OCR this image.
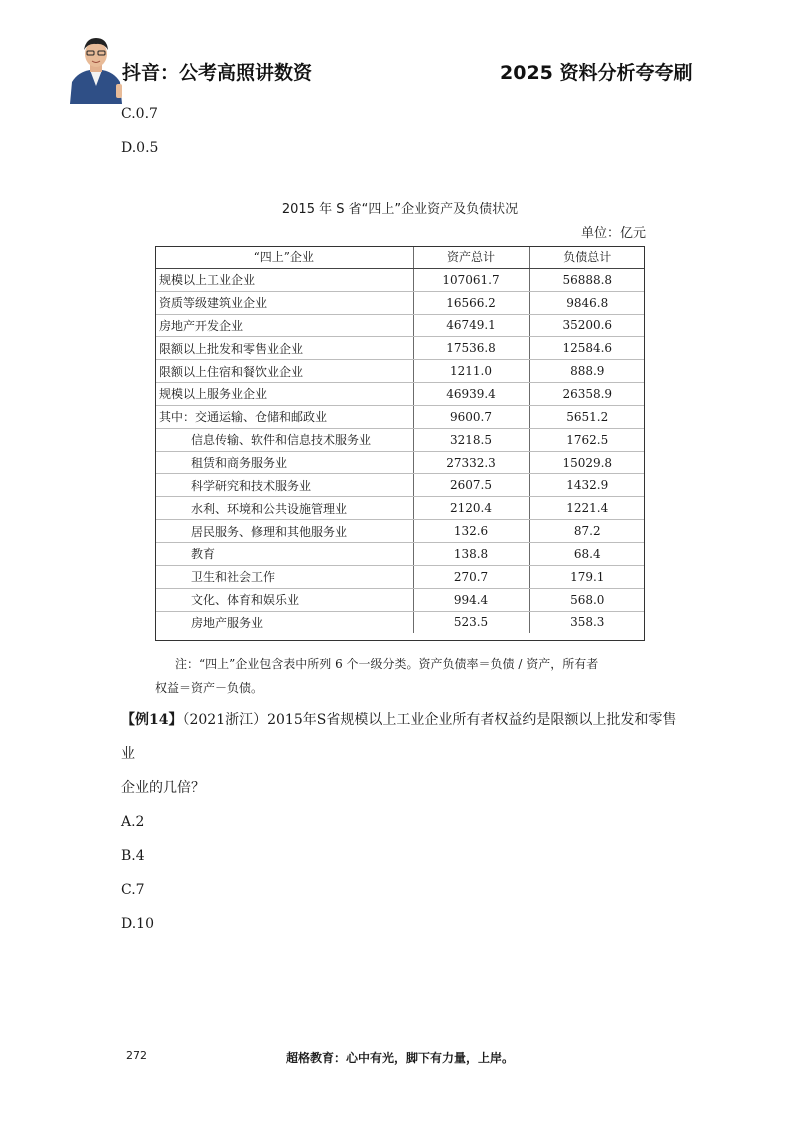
抖音：公考高照讲数资	2025 资料分析夸夸刷
C.0.7
D.0.5
2015 年 S 省“四上”企业资产及负债状况
单位：亿元
“四上”企业	资产总计	负债总计
规模以上工业企业	107061.7	56888.8
资质等级建筑业企业	16566.2	9846.8
房地产开发企业	46749.1	35200.6
限额以上批发和零售业企业	17536.8	12584.6
限额以上住宿和餐饮业企业	1211.0	888.9
规模以上服务业企业	46939.4	26358.9
其中：交通运输、仓储和邮政业	9600.7	5651.2
信息传输、软件和信息技术服务业	3218.5	1762.5
租赁和商务服务业	27332.3	15029.8
科学研究和技术服务业	2607.5	1432.9
水利、环境和公共设施管理业	2120.4	1221.4
居民服务、修理和其他服务业	132.6	87.2
教育	138.8	68.4
卫生和社会工作	270.7	179.1
文化、体育和娱乐业	994.4	568.0
房地产服务业	523.5	358.3
注：“四上”企业包含表中所列 6 个一级分类。资产负债率＝负债 / 资产，所有者
权益＝资产－负债。
【例14】（2021浙江）2015年S省规模以上工业企业所有者权益约是限额以上批发和零售业
企业的几倍？
A.2
B.4
C.7
D.10
272	超格教育：心中有光，脚下有力量，上岸。
